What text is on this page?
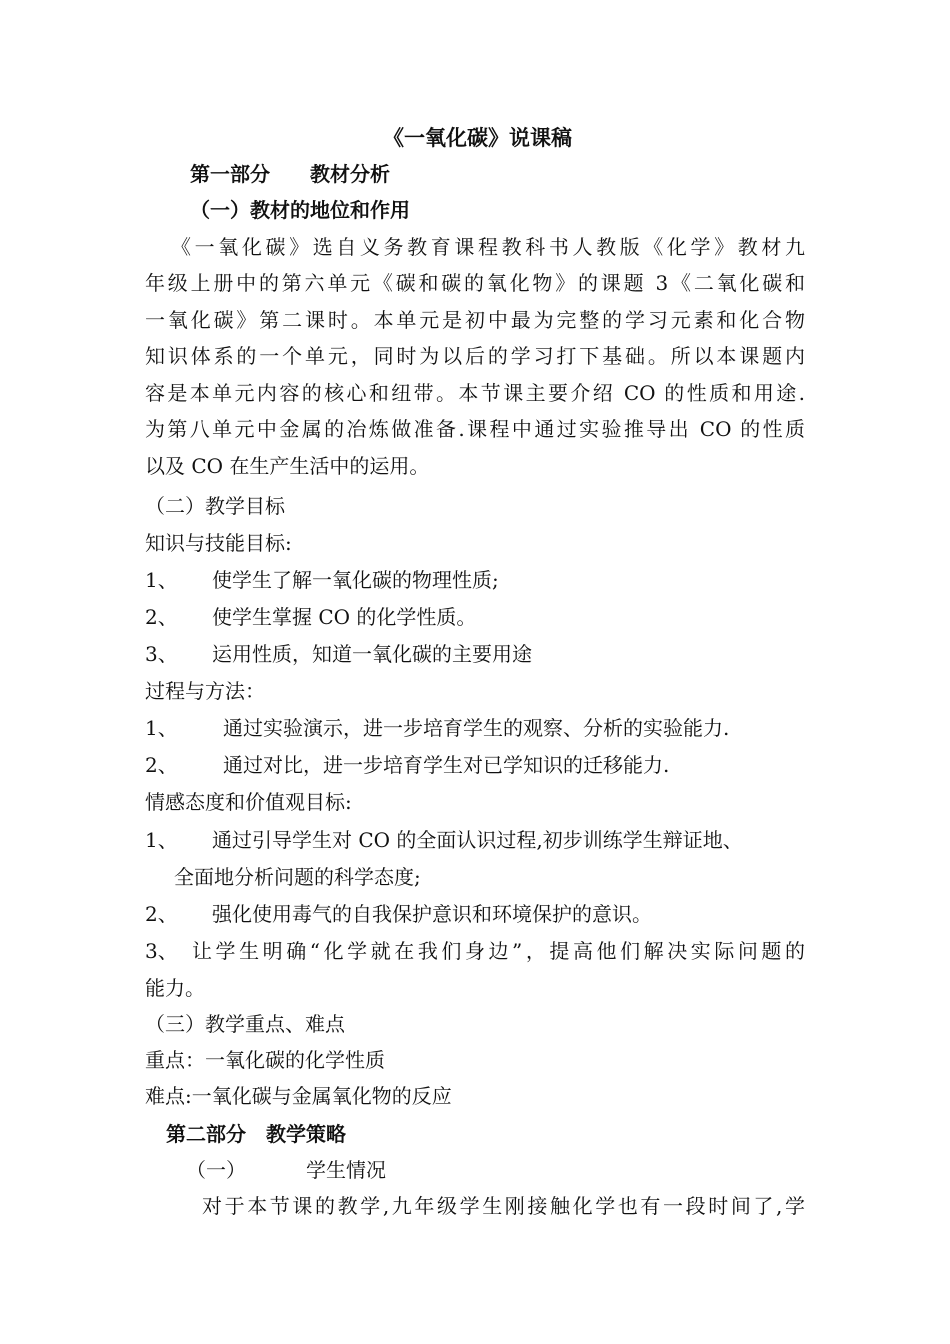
《一氧化碳》说课稿
第一部分　　教材分析
（一）教材的地位和作用
《一氧化碳》选自义务教育课程教科书人教版《化学》教材九
年级上册中的第六单元《碳和碳的氧化物》的课题 3《二氧化碳和
一氧化碳》第二课时。本单元是初中最为完整的学习元素和化合物
知识体系的一个单元，同时为以后的学习打下基础。所以本课题内
容是本单元内容的核心和纽带。本节课主要介绍 CO 的性质和用途.
为第八单元中金属的冶炼做准备.课程中通过实验推导出 CO 的性质
以及 CO 在生产生活中的运用。
（二）教学目标
知识与技能目标:
1、 使学生了解一氧化碳的物理性质;
2、 使学生掌握 CO 的化学性质。
3、 运用性质，知道一氧化碳的主要用途
过程与方法：
1、 通过实验演示，进一步培育学生的观察、分析的实验能力.
2、 通过对比，进一步培育学生对已学知识的迁移能力.
情感态度和价值观目标:
1、 通过引导学生对 CO 的全面认识过程,初步训练学生辩证地、
全面地分析问题的科学态度;
2、 强化使用毒气的自我保护意识和环境保护的意识。
3、 让学生明确“化学就在我们身边”，提高他们解决实际问题的
能力。
（三）教学重点、难点
重点：一氧化碳的化学性质
难点:一氧化碳与金属氧化物的反应
第二部分　教学策略
（一）	学生情况
对于本节课的教学,九年级学生刚接触化学也有一段时间了,学
